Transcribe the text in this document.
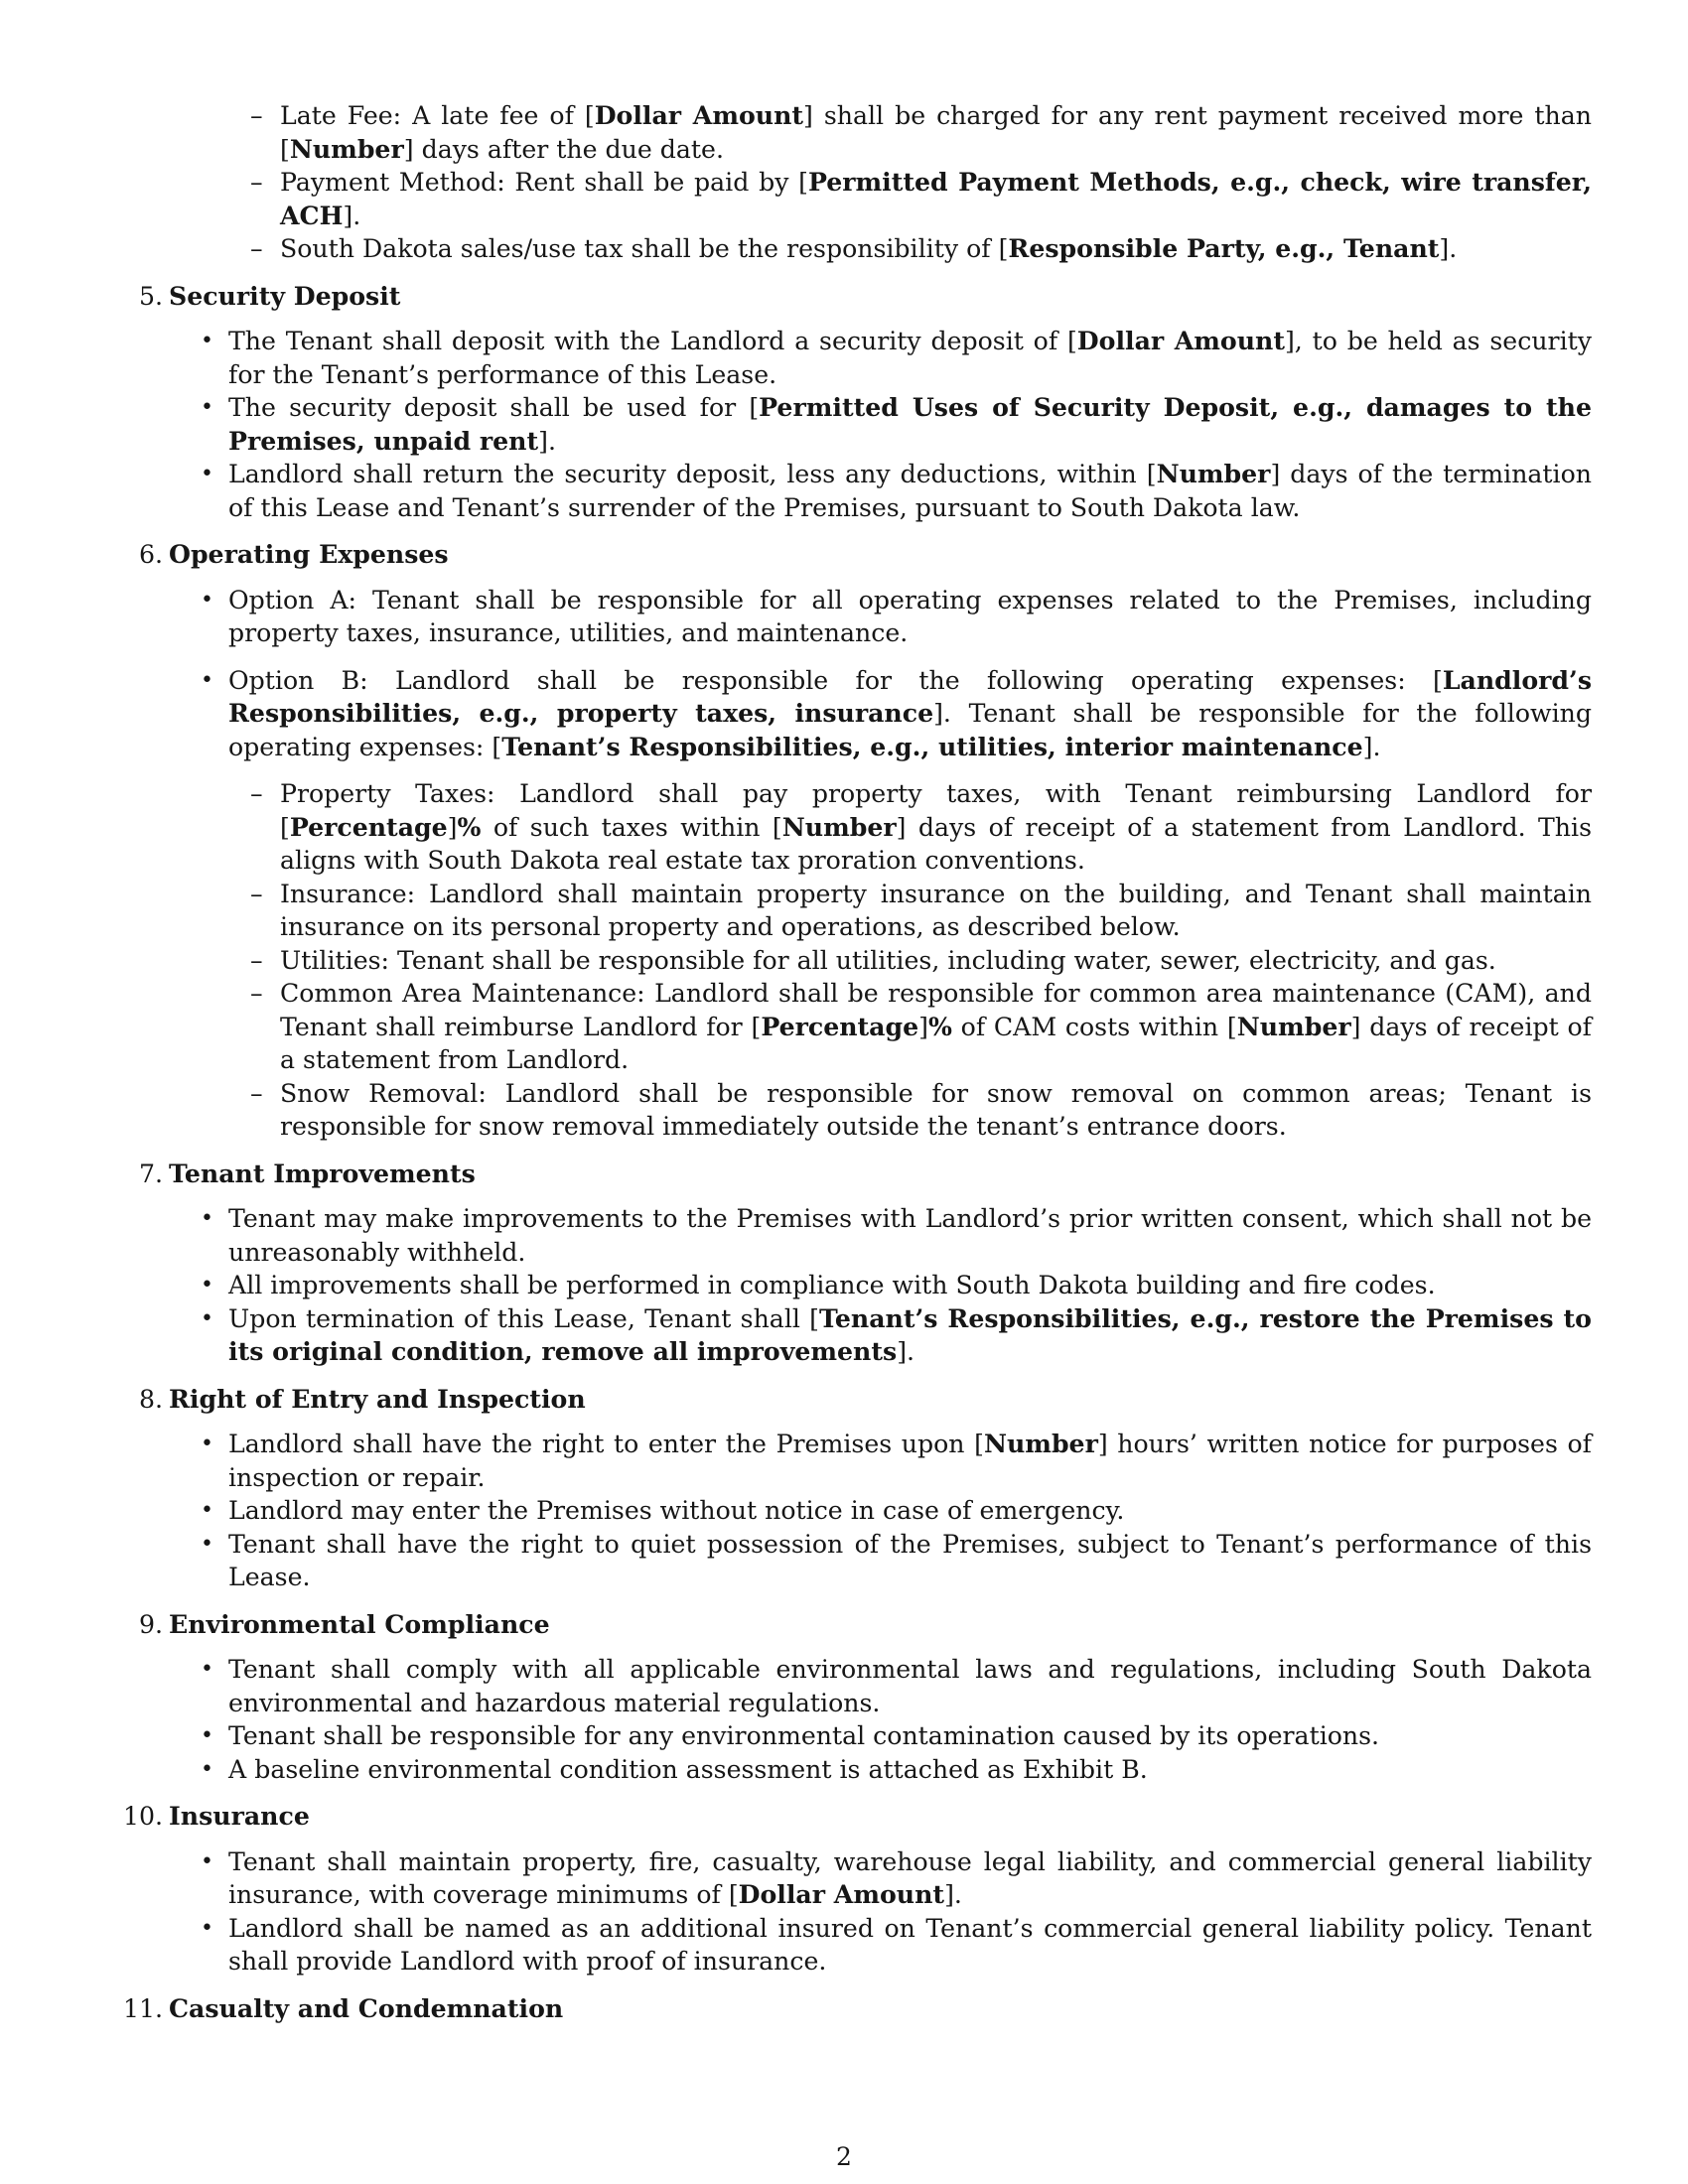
– Late Fee: A late fee of [Dollar Amount] shall be charged for any rent payment received more than [Number] days after the due date.
– Payment Method: Rent shall be paid by [Permitted Payment Methods, e.g., check, wire transfer, ACH].
– South Dakota sales/use tax shall be the responsibility of [Responsible Party, e.g., Tenant].
5. Security Deposit
• The Tenant shall deposit with the Landlord a security deposit of [Dollar Amount], to be held as security for the Tenant’s performance of this Lease.
• The security deposit shall be used for [Permitted Uses of Security Deposit, e.g., damages to the Premises, unpaid rent].
• Landlord shall return the security deposit, less any deductions, within [Number] days of the termination of this Lease and Tenant’s surrender of the Premises, pursuant to South Dakota law.
6. Operating Expenses
• Option A: Tenant shall be responsible for all operating expenses related to the Premises, including property taxes, insurance, utilities, and maintenance.
• Option B: Landlord shall be responsible for the following operating expenses: [Landlord’s Responsibilities, e.g., property taxes, insurance]. Tenant shall be responsible for the following operating expenses: [Tenant’s Responsibilities, e.g., utilities, interior maintenance].
– Property Taxes: Landlord shall pay property taxes, with Tenant reimbursing Landlord for [Percentage]% of such taxes within [Number] days of receipt of a statement from Landlord. This aligns with South Dakota real estate tax proration conventions.
– Insurance: Landlord shall maintain property insurance on the building, and Tenant shall maintain insurance on its personal property and operations, as described below.
– Utilities: Tenant shall be responsible for all utilities, including water, sewer, electricity, and gas.
– Common Area Maintenance: Landlord shall be responsible for common area maintenance (CAM), and Tenant shall reimburse Landlord for [Percentage]% of CAM costs within [Number] days of receipt of a statement from Landlord.
– Snow Removal: Landlord shall be responsible for snow removal on common areas; Tenant is responsible for snow removal immediately outside the tenant’s entrance doors.
7. Tenant Improvements
• Tenant may make improvements to the Premises with Landlord’s prior written consent, which shall not be unreasonably withheld.
• All improvements shall be performed in compliance with South Dakota building and fire codes.
• Upon termination of this Lease, Tenant shall [Tenant’s Responsibilities, e.g., restore the Premises to its original condition, remove all improvements].
8. Right of Entry and Inspection
• Landlord shall have the right to enter the Premises upon [Number] hours’ written notice for purposes of inspection or repair.
• Landlord may enter the Premises without notice in case of emergency.
• Tenant shall have the right to quiet possession of the Premises, subject to Tenant’s performance of this Lease.
9. Environmental Compliance
• Tenant shall comply with all applicable environmental laws and regulations, including South Dakota environmental and hazardous material regulations.
• Tenant shall be responsible for any environmental contamination caused by its operations.
• A baseline environmental condition assessment is attached as Exhibit B.
10. Insurance
• Tenant shall maintain property, fire, casualty, warehouse legal liability, and commercial general liability insurance, with coverage minimums of [Dollar Amount].
• Landlord shall be named as an additional insured on Tenant’s commercial general liability policy. Tenant shall provide Landlord with proof of insurance.
11. Casualty and Condemnation
2
